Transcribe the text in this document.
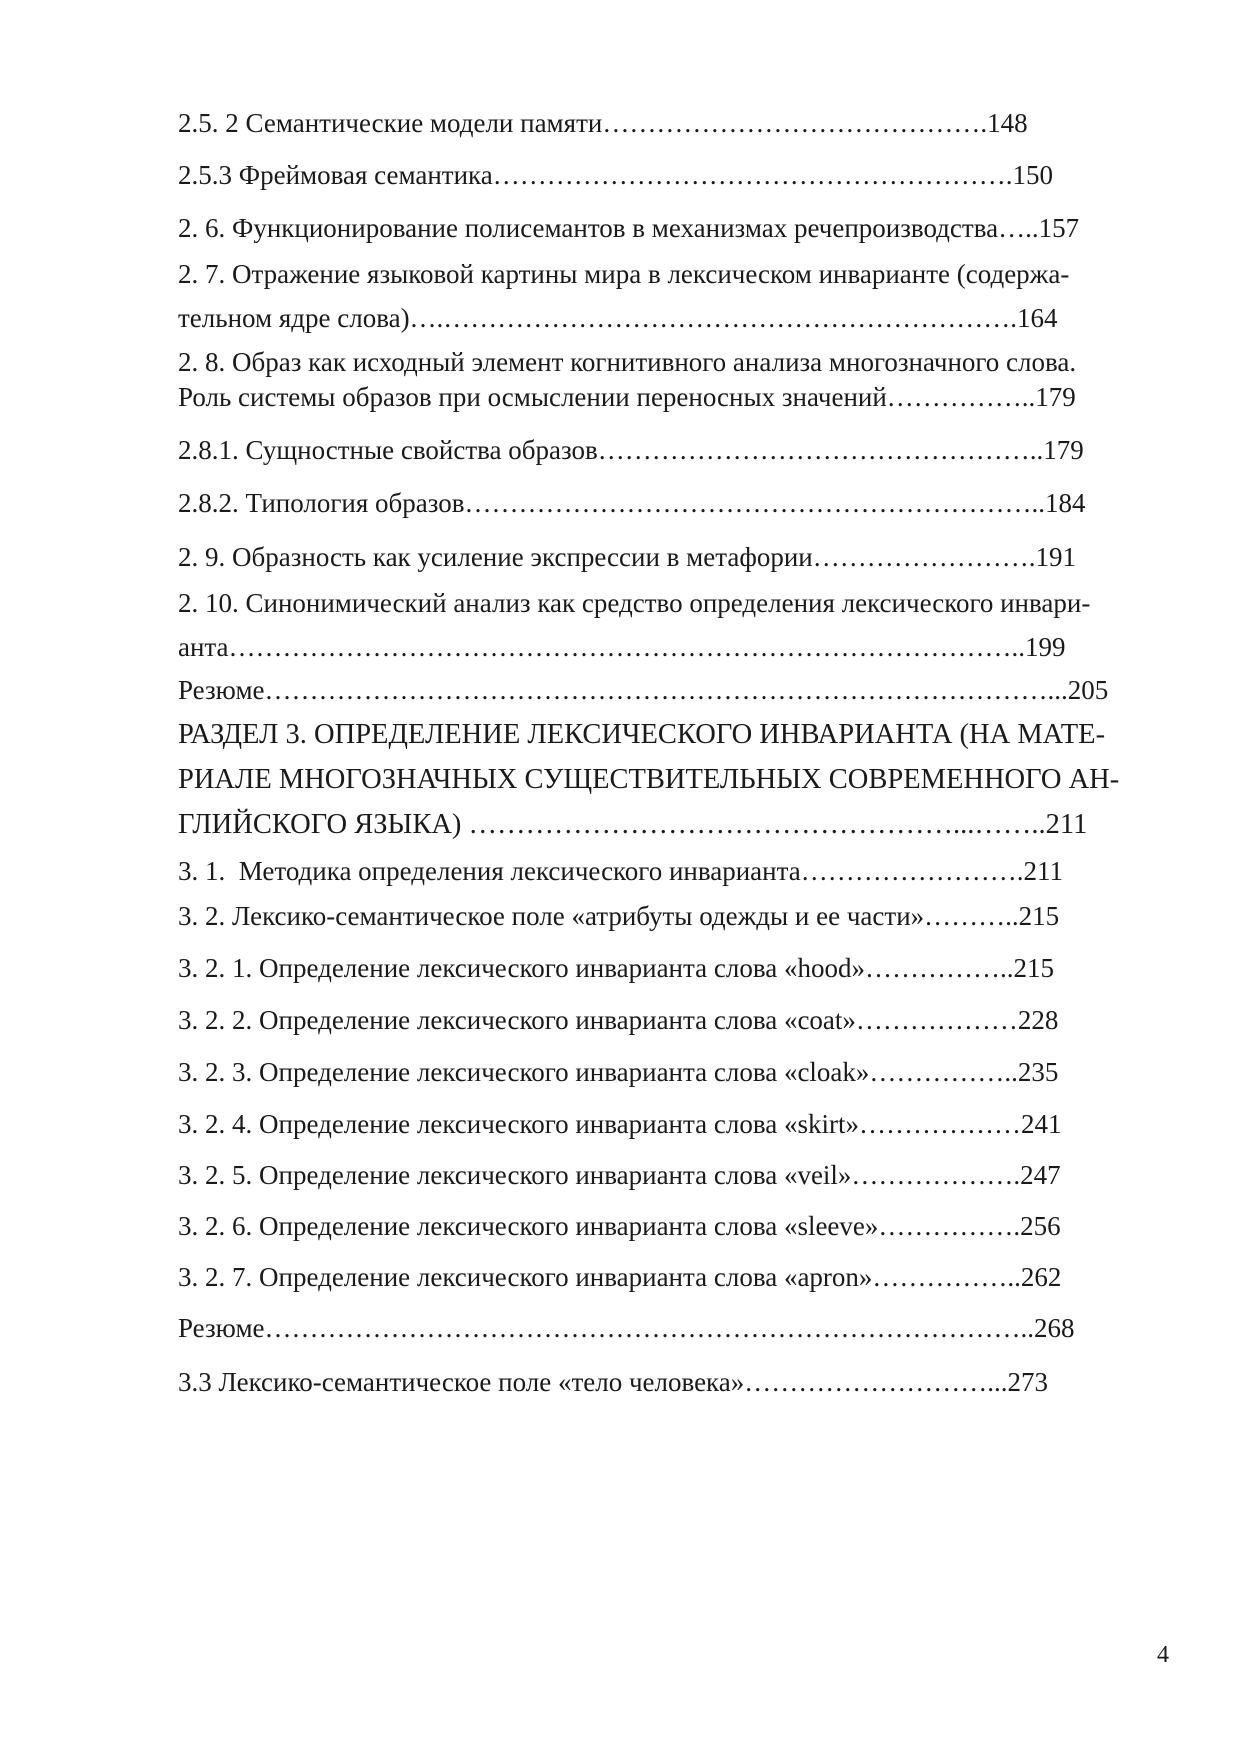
2.5. 2 Семантические модели памяти…………………………………….148
2.5.3 Фреймовая семантика………………………………………………….150
2. 6. Функционирование полисемантов в механизмах речепроизводства…..157
2. 7. Отражение языковой картины мира в лексическом инварианте (содержа-
тельном ядре слова)….……………………………………………………….164
2. 8. Образ как исходный элемент когнитивного анализа многозначного слова.
Роль системы образов при осмыслении переносных значений……………..179
2.8.1. Сущностные свойства образов…………………………………………..179
2.8.2. Типология образов………………………………………………………..184
2. 9. Образность как усиление экспрессии в метафории…………………….191
2. 10. Синонимический анализ как средство определения лексического инвари-
анта……………………………………………………………………………..199
Резюме……………………………………………………………………………...205
РАЗДЕЛ 3. ОПРЕДЕЛЕНИЕ ЛЕКСИЧЕСКОГО ИНВАРИАНТА (НА МАТЕ-
РИАЛЕ МНОГОЗНАЧНЫХ СУЩЕСТВИТЕЛЬНЫХ СОВРЕМЕННОГО АН-
ГЛИЙСКОГО ЯЗЫКА) ……………………………………………...……..211
3. 1.  Методика определения лексического инварианта…………………….211
3. 2. Лексико-семантическое поле «атрибуты одежды и ее части»………..215
3. 2. 1. Определение лексического инварианта слова «hood»……………..215
3. 2. 2. Определение лексического инварианта слова «coat»………………228
3. 2. 3. Определение лексического инварианта слова «cloak»……………..235
3. 2. 4. Определение лексического инварианта слова «skirt»………………241
3. 2. 5. Определение лексического инварианта слова «veil»……………….247
3. 2. 6. Определение лексического инварианта слова «sleeve»…………….256
3. 2. 7. Определение лексического инварианта слова «apron»……………..262
Резюме…………………………………………………………………………..268
3.3 Лексико-семантическое поле «тело человека»………………………...273
4
